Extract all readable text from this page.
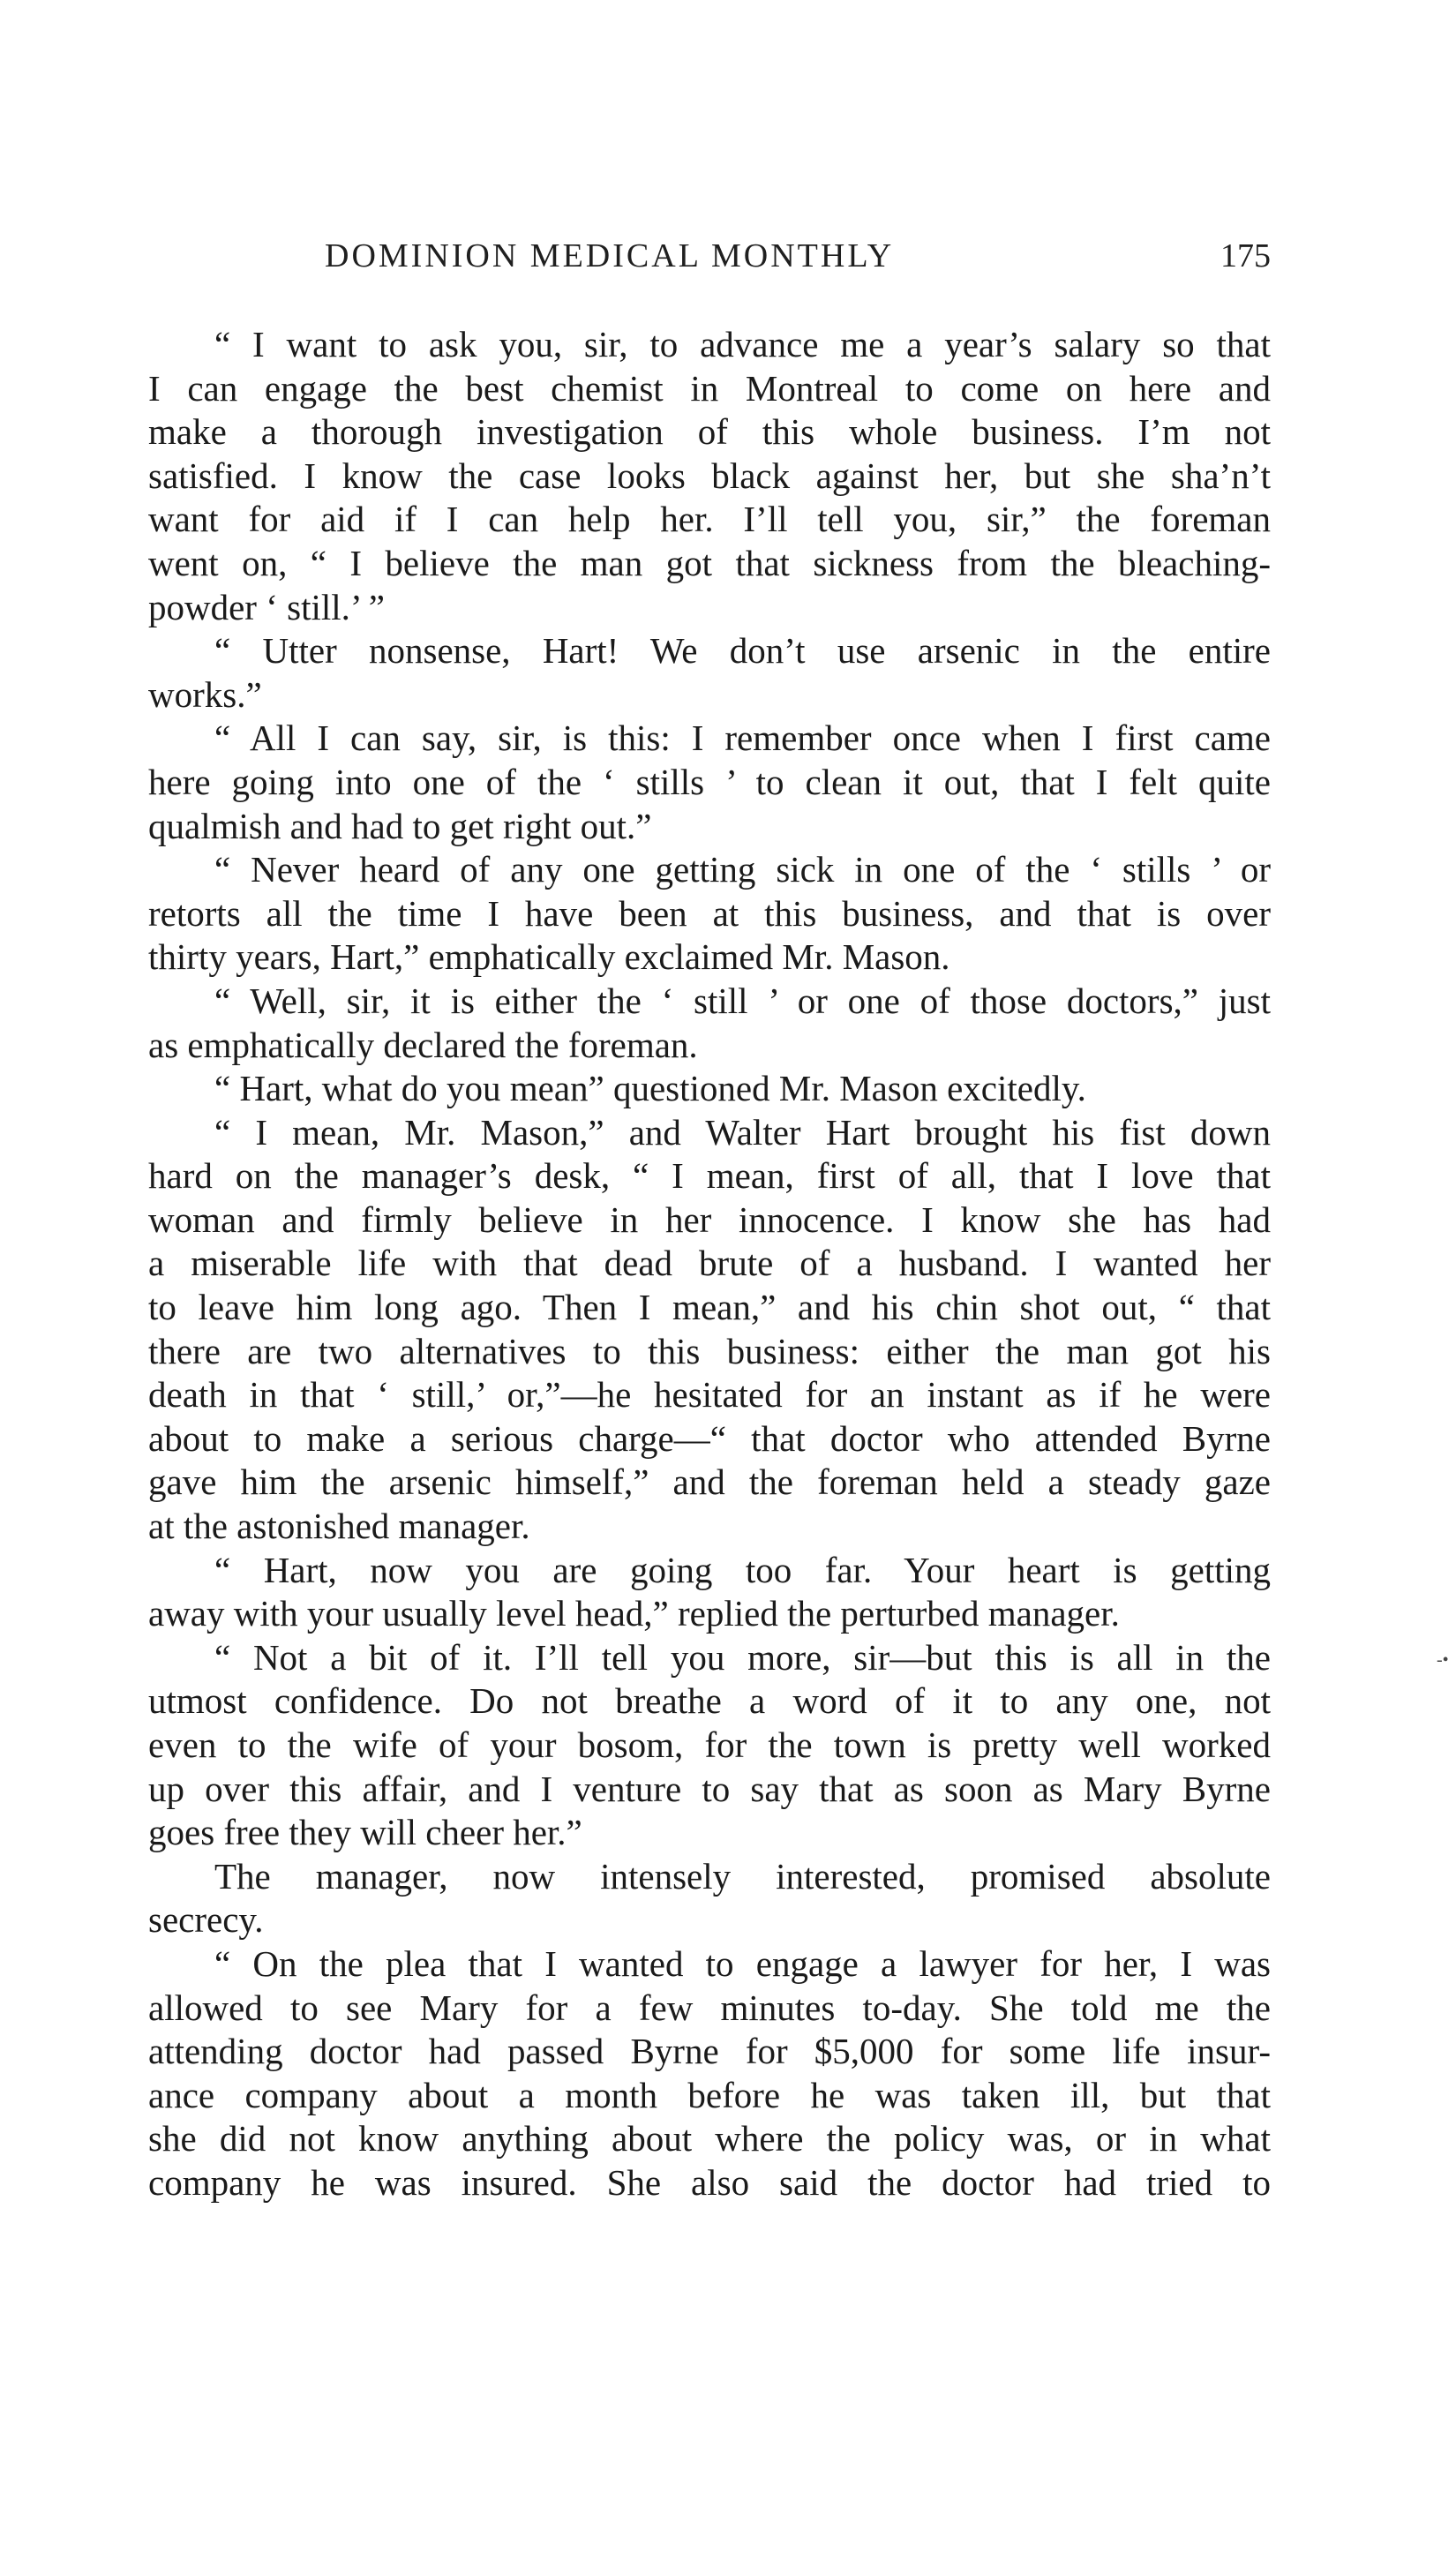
DOMINION MEDICAL MONTHLY	175
“ I want to ask you, sir, to advance me a year’s salary so that
I can engage the best chemist in Montreal to come on here and
make a thorough investigation of this whole business. I’m not
satisfied. I know the case looks black against her, but she sha’n’t
want for aid if I can help her. I’ll tell you, sir,” the foreman
went on, “ I believe the man got that sickness from the bleaching-
powder ‘ still.’ ”
“ Utter nonsense, Hart! We don’t use arsenic in the entire
works.”
“ All I can say, sir, is this: I remember once when I first came
here going into one of the ‘ stills ’ to clean it out, that I felt quite
qualmish and had to get right out.”
“ Never heard of any one getting sick in one of the ‘ stills ’ or
retorts all the time I have been at this business, and that is over
thirty years, Hart,” emphatically exclaimed Mr. Mason.
“ Well, sir, it is either the ‘ still ’ or one of those doctors,” just
as emphatically declared the foreman.
“ Hart, what do you mean” questioned Mr. Mason excitedly.
“ I mean, Mr. Mason,” and Walter Hart brought his fist down
hard on the manager’s desk, “ I mean, first of all, that I love that
woman and firmly believe in her innocence. I know she has had
a miserable life with that dead brute of a husband. I wanted her
to leave him long ago. Then I mean,” and his chin shot out, “ that
there are two alternatives to this business: either the man got his
death in that ‘ still,’ or,”—he hesitated for an instant as if he were
about to make a serious charge—“ that doctor who attended Byrne
gave him the arsenic himself,” and the foreman held a steady gaze
at the astonished manager.
“ Hart, now you are going too far. Your heart is getting
away with your usually level head,” replied the perturbed manager.
“ Not a bit of it. I’ll tell you more, sir—but this is all in the
utmost confidence. Do not breathe a word of it to any one, not
even to the wife of your bosom, for the town is pretty well worked
up over this affair, and I venture to say that as soon as Mary Byrne
goes free they will cheer her.”
The manager, now intensely interested, promised absolute
secrecy.
“ On the plea that I wanted to engage a lawyer for her, I was
allowed to see Mary for a few minutes to-day. She told me the
attending doctor had passed Byrne for $5,000 for some life insur-
ance company about a month before he was taken ill, but that
she did not know anything about where the policy was, or in what
company he was insured. She also said the doctor had tried to
-•
